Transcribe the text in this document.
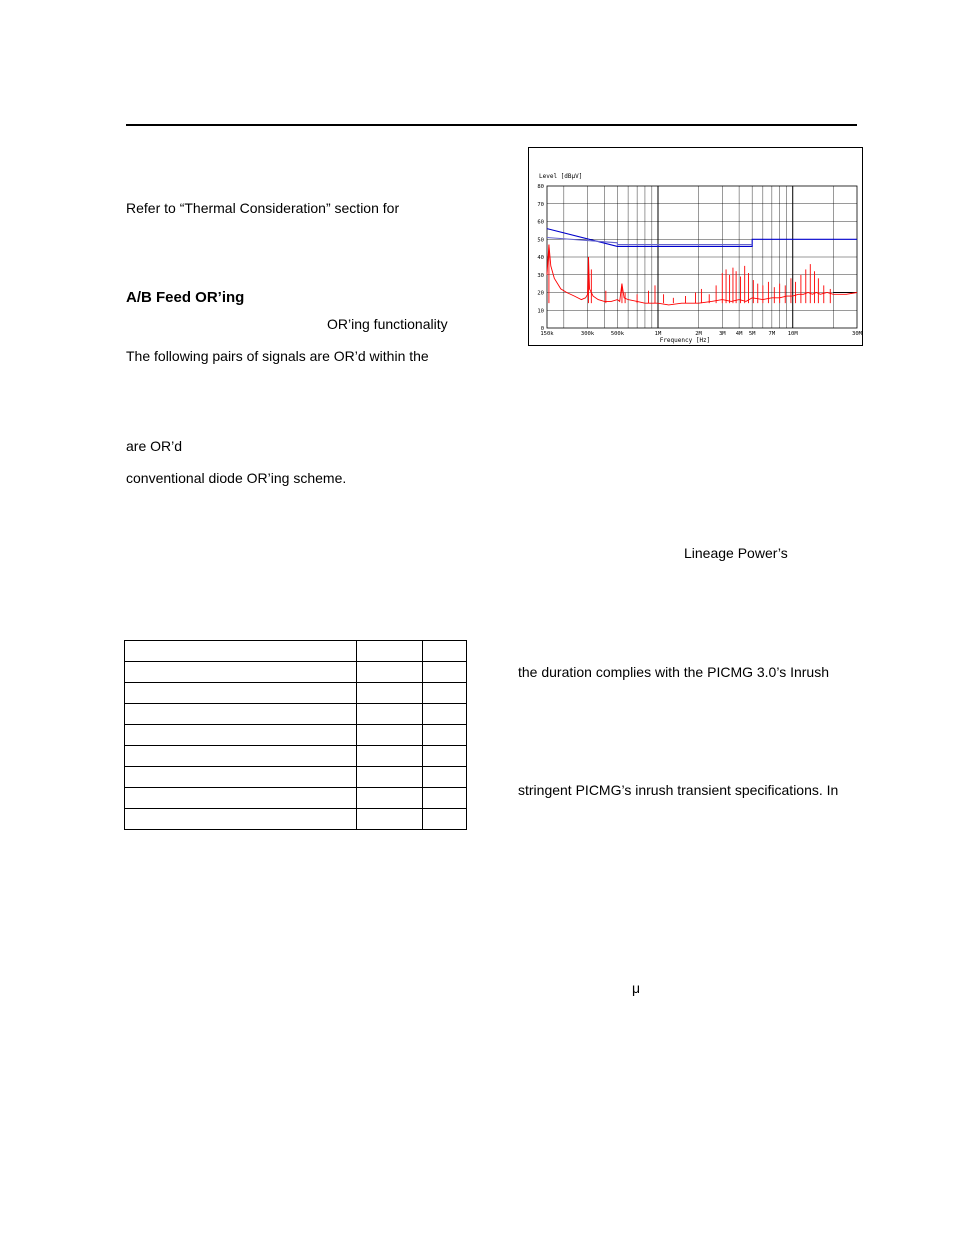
Refer to “Thermal Consideration” section for
A/B Feed OR’ing
OR’ing functionality
The following pairs of signals are OR’d within the
are OR’d
conventional diode OR’ing scheme.
Lineage Power’s
the duration complies with the PICMG 3.0’s Inrush
stringent PICMG’s inrush transient specifications. In
μ

Level [dBµV]
Frequency [Hz]
80
70
60
50
40
30
20
10
0
150k	300k	500k	1M	2M	3M 4M 5M 7M 10M	30M
